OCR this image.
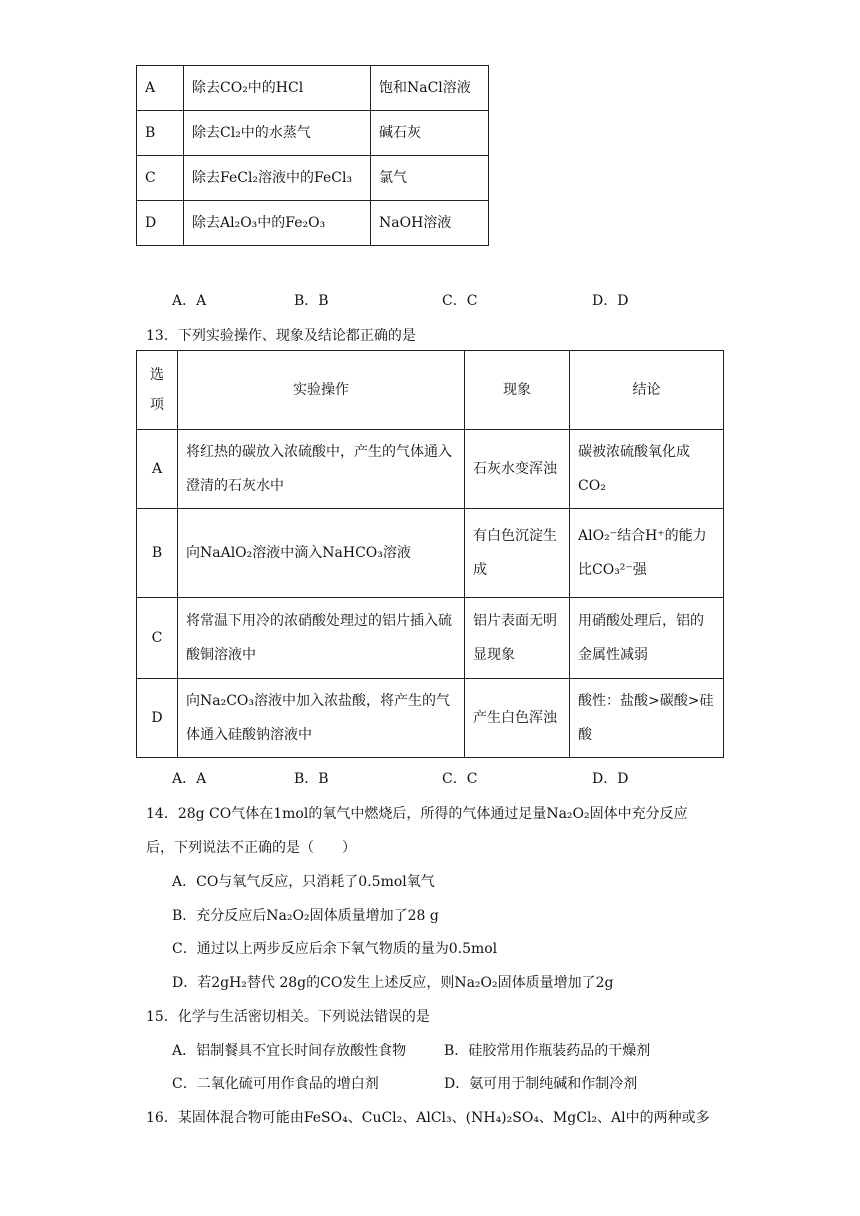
A	除去CO₂中的HCl	饱和NaCl溶液
B	除去Cl₂中的水蒸气	碱石灰
C	除去FeCl₂溶液中的FeCl₃	氯气
D	除去Al₂O₃中的Fe₂O₃	NaOH溶液
A．A	B．B	C．C	D．D
13．下列实验操作、现象及结论都正确的是
选项	实验操作	现象	结论
A	将红热的碳放入浓硫酸中，产生的气体通入澄清的石灰水中	石灰水变浑浊	碳被浓硫酸氧化成CO₂
B	向NaAlO₂溶液中滴入NaHCO₃溶液	有白色沉淀生成	AlO₂⁻结合H⁺的能力比CO₃²⁻强
C	将常温下用冷的浓硝酸处理过的铝片插入硫酸铜溶液中	铝片表面无明显现象	用硝酸处理后，铝的金属性减弱
D	向Na₂CO₃溶液中加入浓盐酸，将产生的气体通入硅酸钠溶液中	产生白色浑浊	酸性：盐酸>碳酸>硅酸
A．A	B．B	C．C	D．D
14．28g CO气体在1mol的氧气中燃烧后，所得的气体通过足量Na₂O₂固体中充分反应
后，下列说法不正确的是（　　）
A．CO与氧气反应，只消耗了0.5mol氧气
B．充分反应后Na₂O₂固体质量增加了28 g
C．通过以上两步反应后余下氧气物质的量为0.5mol
D．若2gH₂替代 28g的CO发生上述反应，则Na₂O₂固体质量增加了2g
15．化学与生活密切相关。下列说法错误的是
A．铝制餐具不宜长时间存放酸性食物	B．硅胶常用作瓶装药品的干燥剂
C．二氧化硫可用作食品的增白剂	D．氨可用于制纯碱和作制冷剂
16．某固体混合物可能由FeSO₄、CuCl₂、AlCl₃、(NH₄)₂SO₄、MgCl₂、Al中的两种或多
